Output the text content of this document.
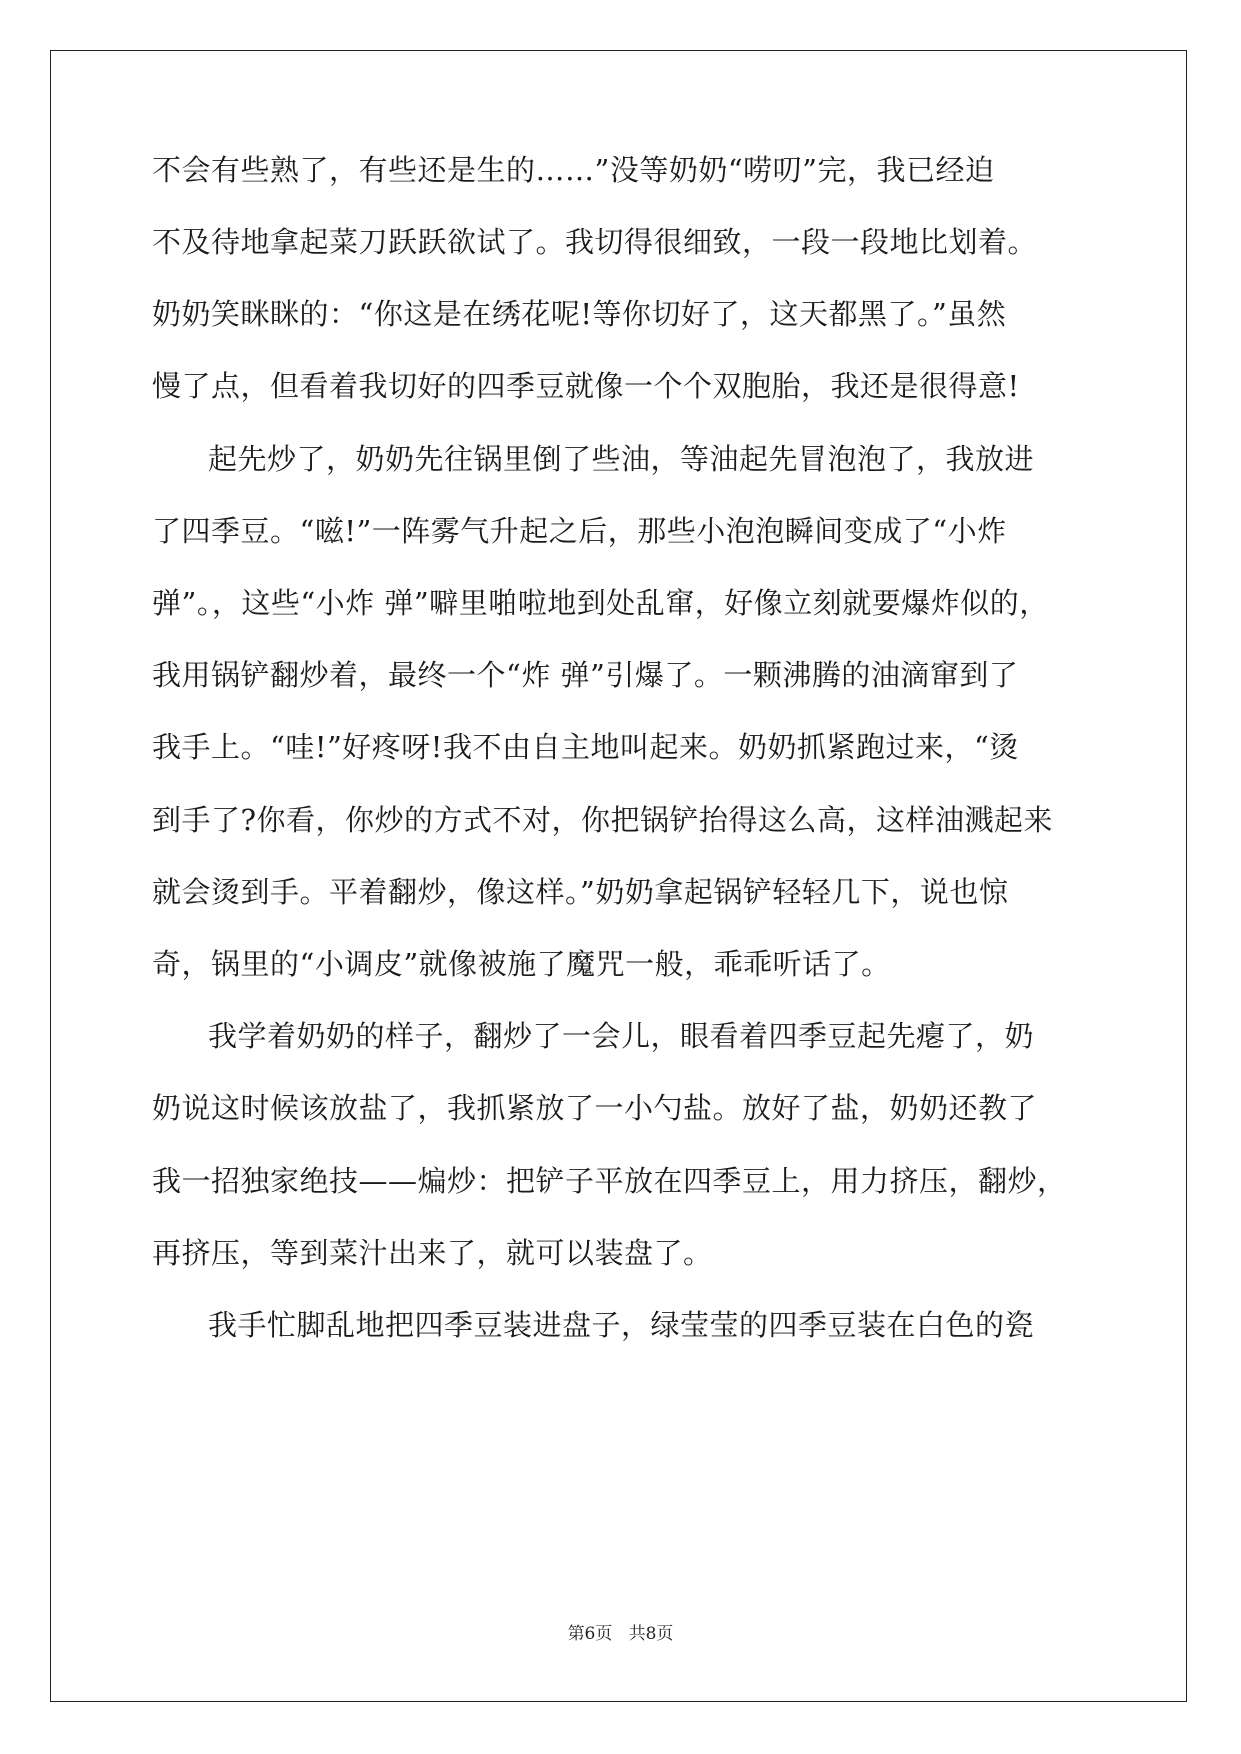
不会有些熟了，有些还是生的……”没等奶奶“唠叨”完，我已经迫
不及待地拿起菜刀跃跃欲试了。我切得很细致，一段一段地比划着。
奶奶笑眯眯的：“你这是在绣花呢!等你切好了，这天都黑了。”虽然
慢了点，但看着我切好的四季豆就像一个个双胞胎，我还是很得意!
起先炒了，奶奶先往锅里倒了些油，等油起先冒泡泡了，我放进
了四季豆。“嗞!”一阵雾气升起之后，那些小泡泡瞬间变成了“小炸
弹”。，这些“小炸 弹”噼里啪啦地到处乱窜，好像立刻就要爆炸似的，
我用锅铲翻炒着，最终一个“炸 弹”引爆了。一颗沸腾的油滴窜到了
我手上。“哇!”好疼呀!我不由自主地叫起来。奶奶抓紧跑过来，“烫
到手了?你看，你炒的方式不对，你把锅铲抬得这么高，这样油溅起来
就会烫到手。平着翻炒，像这样。”奶奶拿起锅铲轻轻几下，说也惊
奇，锅里的“小调皮”就像被施了魔咒一般，乖乖听话了。
我学着奶奶的样子，翻炒了一会儿，眼看着四季豆起先瘪了，奶
奶说这时候该放盐了，我抓紧放了一小勺盐。放好了盐，奶奶还教了
我一招独家绝技——煸炒：把铲子平放在四季豆上，用力挤压，翻炒，
再挤压，等到菜汁出来了，就可以装盘了。
我手忙脚乱地把四季豆装进盘子，绿莹莹的四季豆装在白色的瓷
第6页 共8页
